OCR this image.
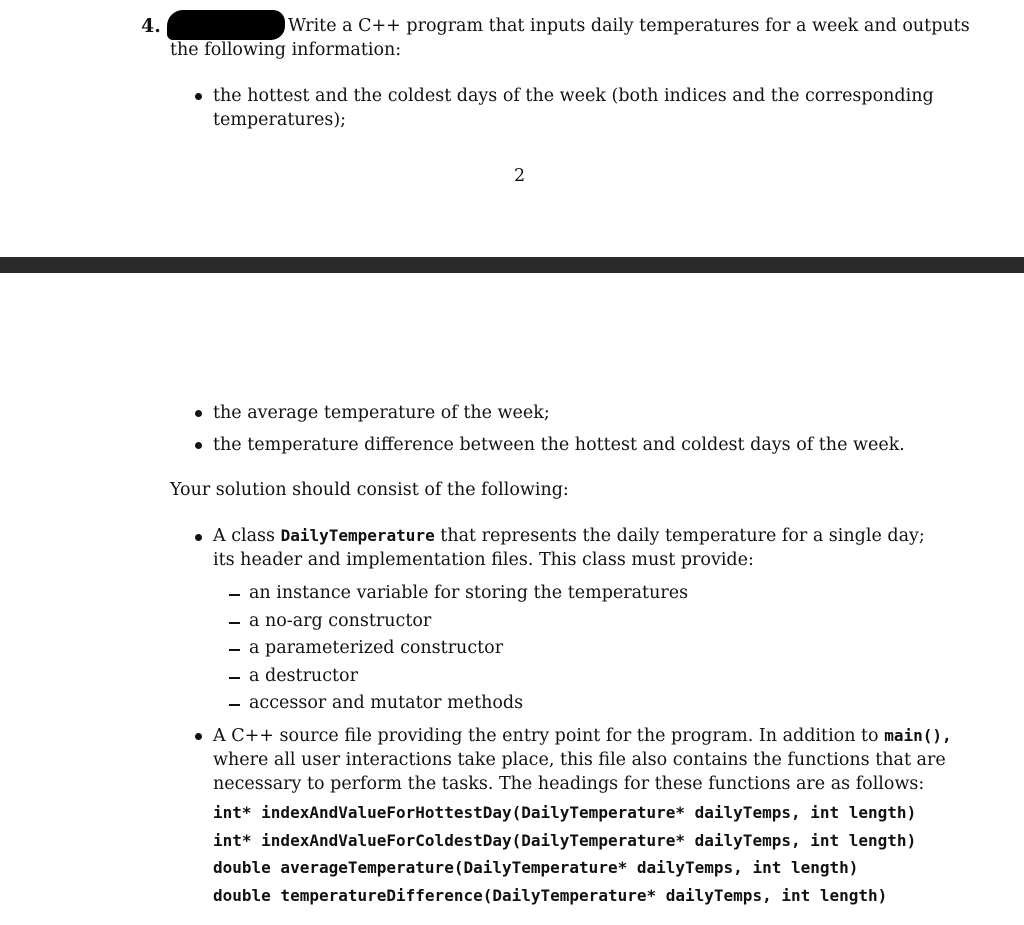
4.	Write a C++ program that inputs daily temperatures for a week and outputs
the following information:
the hottest and the coldest days of the week (both indices and the corresponding
temperatures);
2
the average temperature of the week;
the temperature difference between the hottest and coldest days of the week.
Your solution should consist of the following:
A class DailyTemperature that represents the daily temperature for a single day;
its header and implementation files. This class must provide:
an instance variable for storing the temperatures
a no-arg constructor
a parameterized constructor
a destructor
accessor and mutator methods
A C++ source file providing the entry point for the program. In addition to main(),
where all user interactions take place, this file also contains the functions that are
necessary to perform the tasks. The headings for these functions are as follows:
int* indexAndValueForHottestDay(DailyTemperature* dailyTemps, int length)
int* indexAndValueForColdestDay(DailyTemperature* dailyTemps, int length)
double averageTemperature(DailyTemperature* dailyTemps, int length)
double temperatureDifference(DailyTemperature* dailyTemps, int length)
